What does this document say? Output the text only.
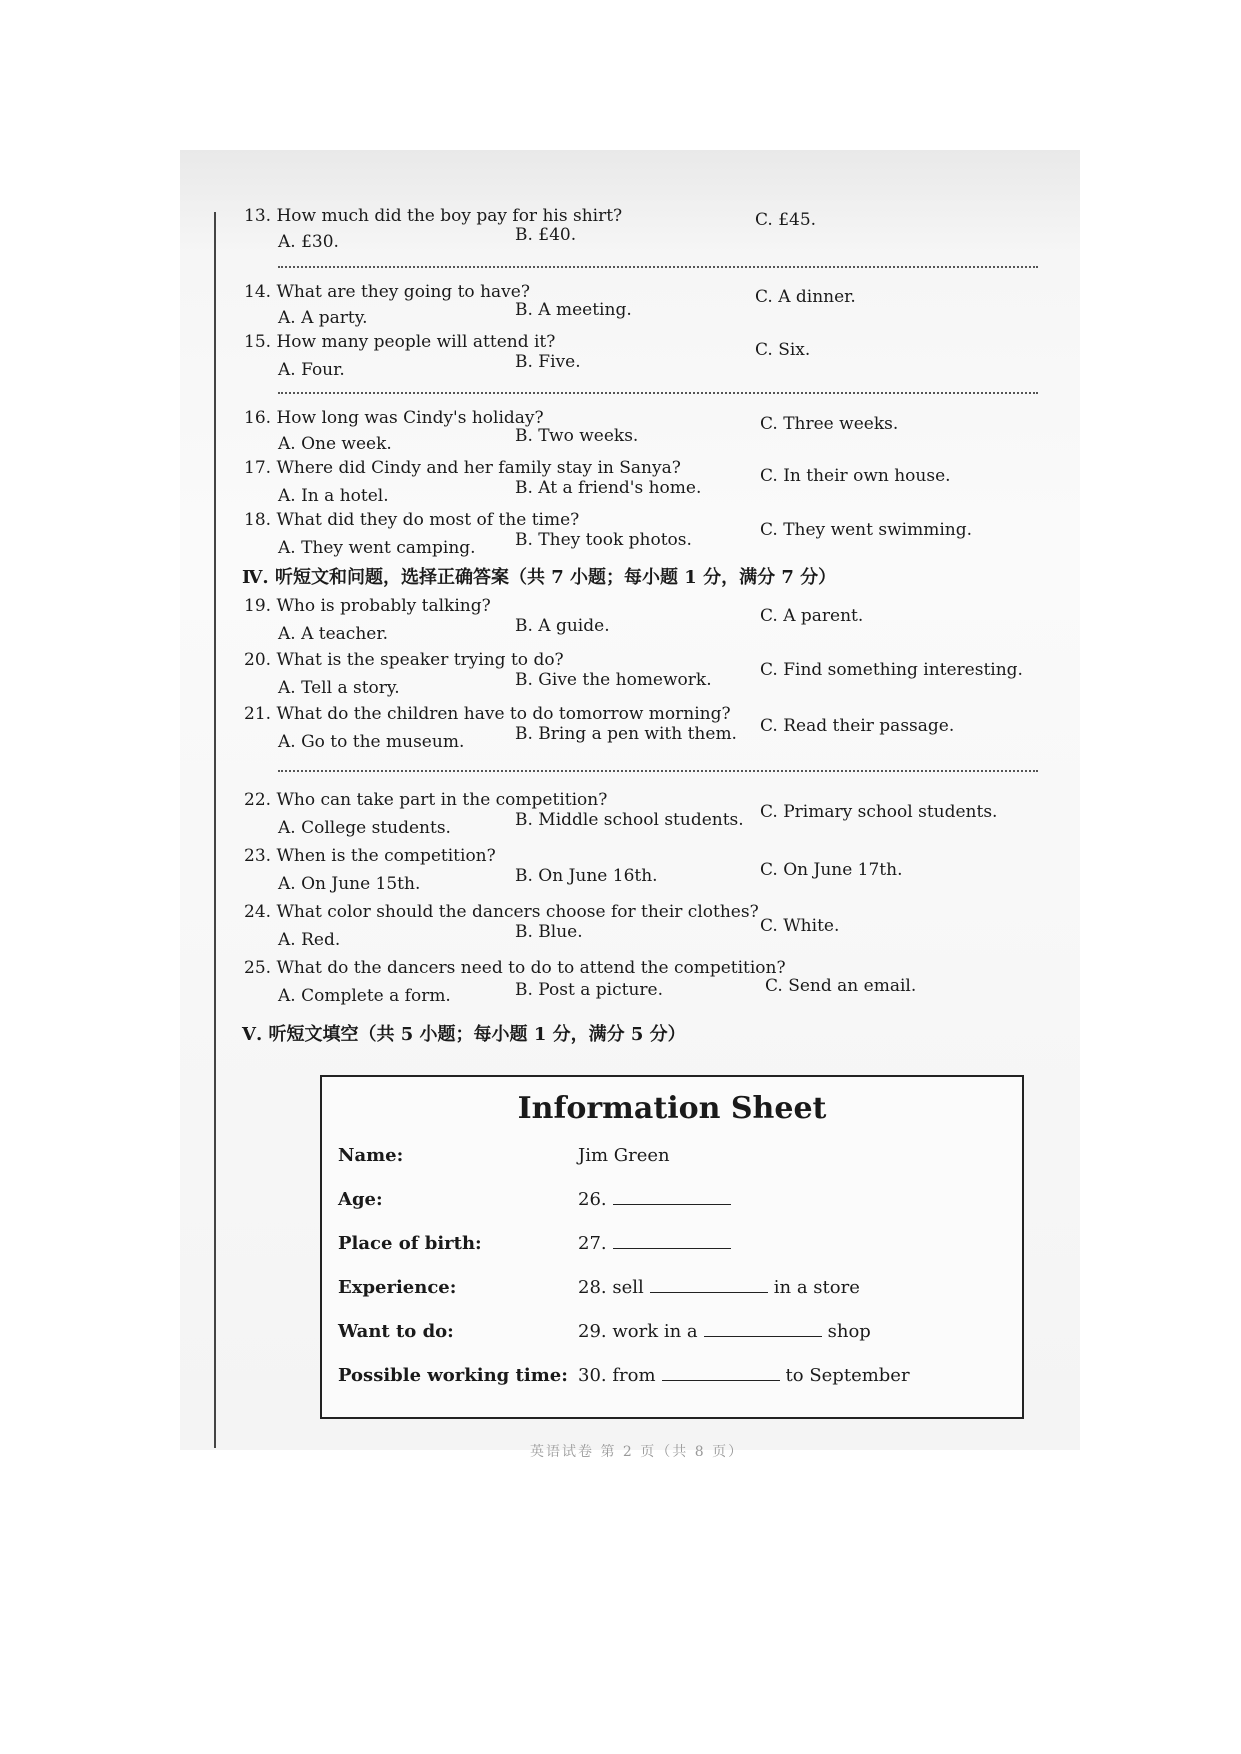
13. How much did the boy pay for his shirt?
A. £30.	B. £40.
C. £45.
14. What are they going to have?
A. A party.	B. A meeting.
C. A dinner.
15. How many people will attend it?
A. Four.	B. Five.
C. Six.
16. How long was Cindy's holiday?
A. One week.	B. Two weeks.
C. Three weeks.
17. Where did Cindy and her family stay in Sanya?
A. In a hotel.	B. At a friend's home.
C. In their own house.
18. What did they do most of the time?
A. They went camping. B. They took photos.	C. They went swimming.
Ⅳ. 听短文和问题，选择正确答案（共 7 小题；每小题 1 分，满分 7 分）
19. Who is probably talking?
A. A teacher.	B. A guide.	C. A parent.
20. What is the speaker trying to do?
A. Tell a story.	B. Give the homework.	C. Find something interesting.
21. What do the children have to do tomorrow morning?
A. Go to the museum.	B. Bring a pen with them. C. Read their passage.
22. Who can take part in the competition?
A. College students.	B. Middle school students. C. Primary school students.
23. When is the competition?
A. On June 15th.	B. On June 16th.	C. On June 17th.
24. What color should the dancers choose for their clothes?
A. Red.	B. Blue.	C. White.
25. What do the dancers need to do to attend the competition?
A. Complete a form.	B. Post a picture.	C. Send an email.
Ⅴ. 听短文填空（共 5 小题；每小题 1 分，满分 5 分）
Information Sheet
Name:	Jim Green
Age:	26.
Place of birth:	27.
Experience:	28. sell	in a store
Want to do:	29. work in a	shop
Possible working time: 30. from	to September
英语试卷 第 2 页（共 8 页）
